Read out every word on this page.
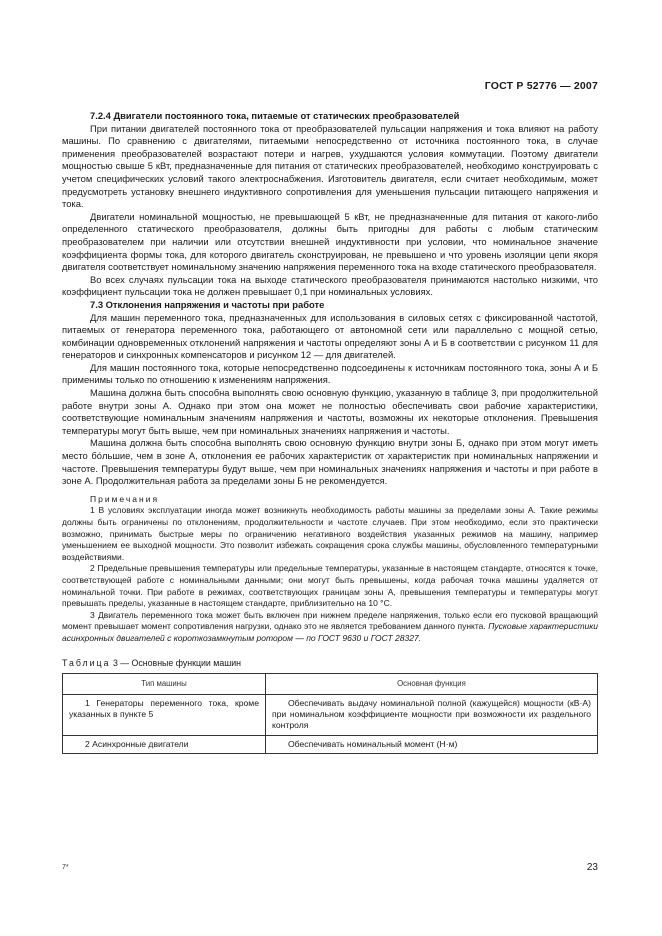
ГОСТ Р 52776 — 2007

7.2.4 Двигатели постоянного тока, питаемые от статических преобразователей

При питании двигателей постоянного тока от преобразователей пульсации напряжения и тока влияют на работу машины. По сравнению с двигателями, питаемыми непосредственно от источника постоянного тока, в случае применения преобразователей возрастают потери и нагрев, ухудшаются условия коммутации. Поэтому двигатели мощностью свыше 5 кВт, предназначенные для питания от статических преобразователей, необходимо конструировать с учетом специфических условий такого электроснабжения. Изготовитель двигателя, если считает необходимым, может предусмотреть установку внешнего индуктивного сопротивления для уменьшения пульсации питающего напряжения и тока.

Двигатели номинальной мощностью, не превышающей 5 кВт, не предназначенные для питания от какого-либо определенного статического преобразователя, должны быть пригодны для работы с любым статическим преобразователем при наличии или отсутствии внешней индуктивности при условии, что номинальное значение коэффициента формы тока, для которого двигатель сконструирован, не превышено и что уровень изоляции цепи якоря двигателя соответствует номинальному значению напряжения переменного тока на входе статического преобразователя.

Во всех случаях пульсации тока на выходе статического преобразователя принимаются настолько низкими, что коэффициент пульсации тока не должен превышает 0,1 при номинальных условиях.

7.3 Отклонения напряжения и частоты при работе

Для машин переменного тока, предназначенных для использования в силовых сетях с фиксированной частотой, питаемых от генератора переменного тока, работающего от автономной сети или параллельно с мощной сетью, комбинации одновременных отклонений напряжения и частоты определяют зоны А и Б в соответствии с рисунком 11 для генераторов и синхронных компенсаторов и рисунком 12 — для двигателей.

Для машин постоянного тока, которые непосредственно подсоединены к источникам постоянного тока, зоны А и Б применимы только по отношению к изменениям напряжения.

Машина должна быть способна выполнять свою основную функцию, указанную в таблице 3, при продолжительной работе внутри зоны А. Однако при этом она может не полностью обеспечивать свои рабочие характеристики, соответствующие номинальным значениям напряжения и частоты, возможны их некоторые отклонения. Превышения температуры могут быть выше, чем при номинальных значениях напряжения и частоты.

Машина должна быть способна выполнять свою основную функцию внутри зоны Б, однако при этом могут иметь место бо́льшие, чем в зоне А, отклонения ее рабочих характеристик от характеристик при номинальных напряжении и частоте. Превышения температуры будут выше, чем при номинальных значениях напряжения и частоты и при работе в зоне А. Продолжительная работа за пределами зоны Б не рекомендуется.

Примечания

1 В условиях эксплуатации иногда может возникнуть необходимость работы машины за пределами зоны А. Такие режимы должны быть ограничены по отклонениям, продолжительности и частоте случаев. При этом необходимо, если это практически возможно, принимать быстрые меры по ограничению негативного воздействия указанных режимов на машину, например уменьшением ее выходной мощности. Это позволит избежать сокращения срока службы машины, обусловленного температурными воздействиями.

2 Предельные превышения температуры или предельные температуры, указанные в настоящем стандарте, относятся к точке, соответствующей работе с номинальными данными; они могут быть превышены, когда рабочая точка машины удаляется от номинальной точки. При работе в режимах, соответствующих границам зоны А, превышения температуры и температуры могут превышать пределы, указанные в настоящем стандарте, приблизительно на 10 °С.

3 Двигатель переменного тока может быть включен при нижнем пределе напряжения, только если его пусковой вращающий момент превышает момент сопротивления нагрузки, однако это не является требованием данного пункта. Пусковые характеристики асинхронных двигателей с короткозамкнутым ротором — по ГОСТ 9630 и ГОСТ 28327.

Таблица 3 — Основные функции машин
Тип машины	Основная функция

1 Генераторы переменного тока, кроме указанных в пункте 5	Обеспечивать выдачу номинальной полной (кажущейся) мощности (кВ·А) при номинальном коэффициенте мощности при возможности их раздельного контроля

2 Асинхронные двигатели	Обеспечивать номинальный момент (Н·м)

7*	23
